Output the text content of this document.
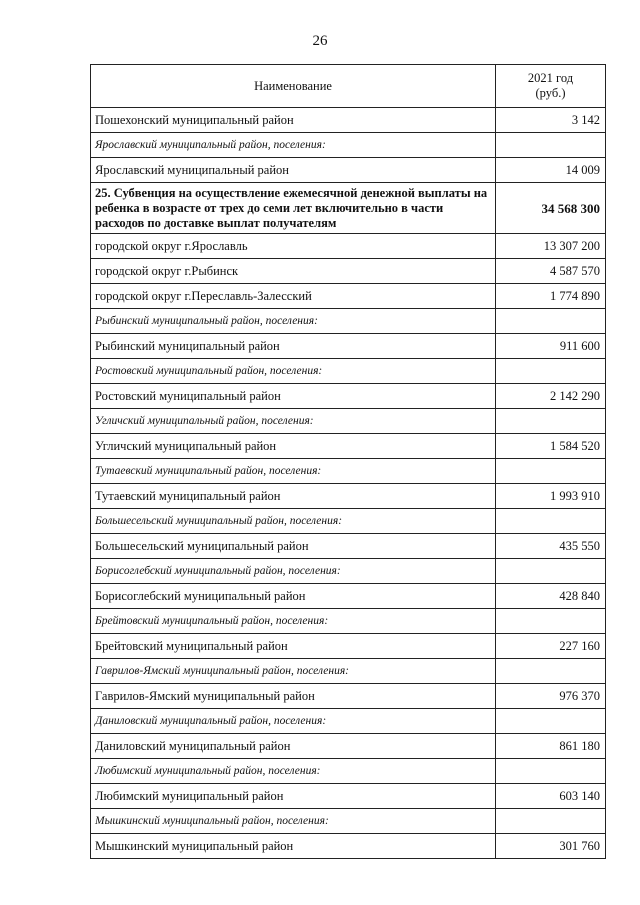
26
Наименование	2021 год
(руб.)

Пошехонский муниципальный район	3 142
Ярославский муниципальный район, поселения:	
Ярославский муниципальный район	14 009
25. Субвенция на осуществление ежемесячной денежной выплаты на ребенка в возрасте от трех до семи лет включительно в части расходов по доставке выплат получателям	34 568 300
городской округ г.Ярославль	13 307 200
городской округ г.Рыбинск	4 587 570
городской округ г.Переславль-Залесский	1 774 890
Рыбинский муниципальный район, поселения:	
Рыбинский муниципальный район	911 600
Ростовский муниципальный район, поселения:	
Ростовский муниципальный район	2 142 290
Угличский муниципальный район, поселения:	
Угличский муниципальный район	1 584 520
Тутаевский муниципальный район, поселения:	
Тутаевский муниципальный район	1 993 910
Большесельский муниципальный район, поселения:	
Большесельский муниципальный район	435 550
Борисоглебский муниципальный район, поселения:	
Борисоглебский муниципальный район	428 840
Брейтовский муниципальный район, поселения:	
Брейтовский муниципальный район	227 160
Гаврилов-Ямский муниципальный район, поселения:	
Гаврилов-Ямский муниципальный район	976 370
Даниловский муниципальный район, поселения:	
Даниловский муниципальный район	861 180
Любимский муниципальный район, поселения:	
Любимский муниципальный район	603 140
Мышкинский муниципальный район, поселения:	
Мышкинский муниципальный район	301 760
